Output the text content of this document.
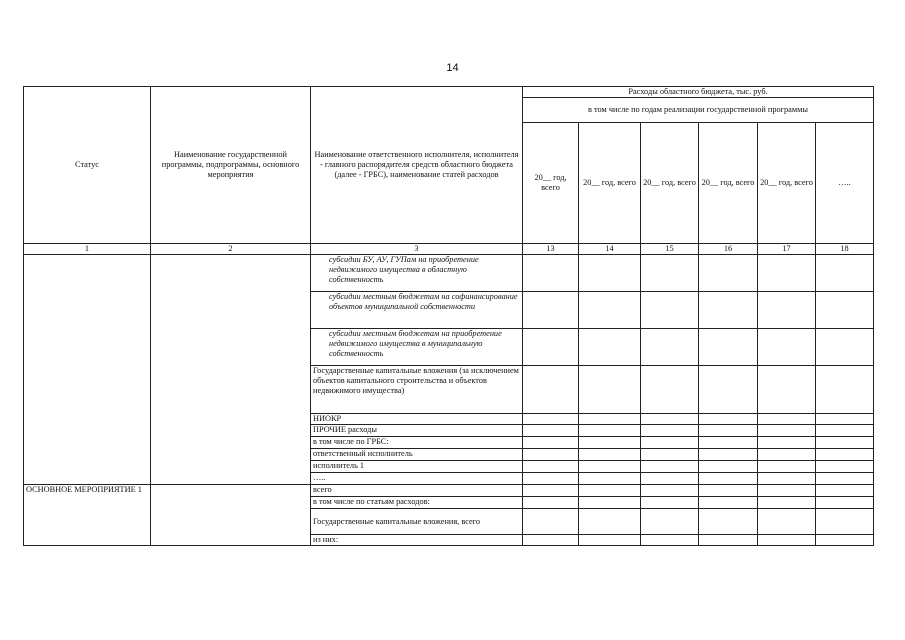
14
Статус	Наименование государственной программы, подпрограммы, основного мероприятия	Наименование ответственного исполнителя, исполнителя - главного распорядителя средств областного бюджета (далее - ГРБС), наименование статей расходов	Расходы областного бюджета, тыс. руб.					
			в том числе по годам реализации государственной программы					
			20__ год, всего	20__ год, всего	20__ год, всего	20__ год, всего	20__ год, всего	…..
1	2	3	13	14	15	16	17	18
		субсидии БУ, АУ, ГУПам на приобретение недвижимого имущества в областную собственность						
		субсидии местным бюджетам на софинансирование объектов муниципальной собственности						
		субсидии местным бюджетам на приобретение недвижимого имущества в муниципальную собственность						
		Государственные капитальные вложения (за исключением объектов капитального строительства и объектов недвижимого имущества)						
		НИОКР						
		ПРОЧИЕ расходы						
		в том числе по ГРБС:						
		ответственный исполнитель						
		исполнитель 1						
		…..						
ОСНОВНОЕ МЕРОПРИЯТИЕ 1		всего						
		в том числе по статьям расходов:						
		Государственные капитальные вложения, всего						
		из них:						
